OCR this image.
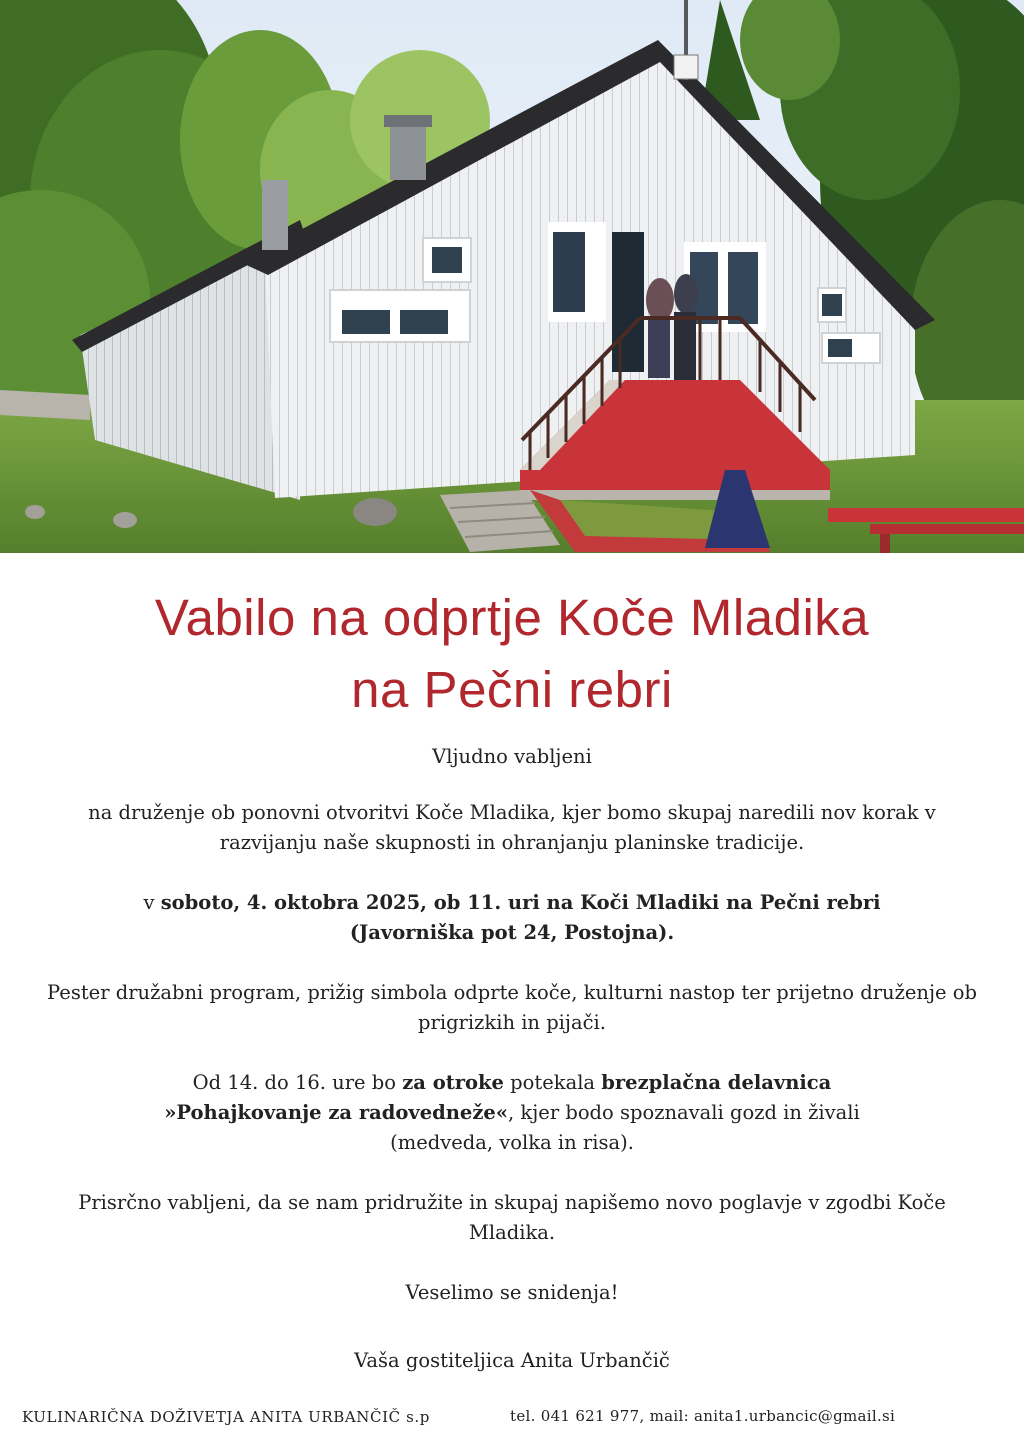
Vabilo na odprtje Koče Mladika
na Pečni rebri

Vljudno vabljeni

na druženje ob ponovni otvoritvi Koče Mladika, kjer bomo skupaj naredili nov korak v razvijanju naše skupnosti in ohranjanju planinske tradicije.

v soboto, 4. oktobra 2025, ob 11. uri na Koči Mladiki na Pečni rebri
(Javorniška pot 24, Postojna).

Pester družabni program, prižig simbola odprte koče, kulturni nastop ter prijetno druženje ob prigrizkih in pijači.

Od 14. do 16. ure bo za otroke potekala brezplačna delavnica
»Pohajkovanje za radovedneže«, kjer bodo spoznavali gozd in živali
(medveda, volka in risa).

Prisrčno vabljeni, da se nam pridružite in skupaj napišemo novo poglavje v zgodbi Koče Mladika.

Veselimo se snidenja!

Vaša gostiteljica Anita Urbančič

KULINARIČNA DOŽIVETJA ANITA URBANČIČ s.p	tel. 041 621 977, mail: anita1.urbancic@gmail.si
